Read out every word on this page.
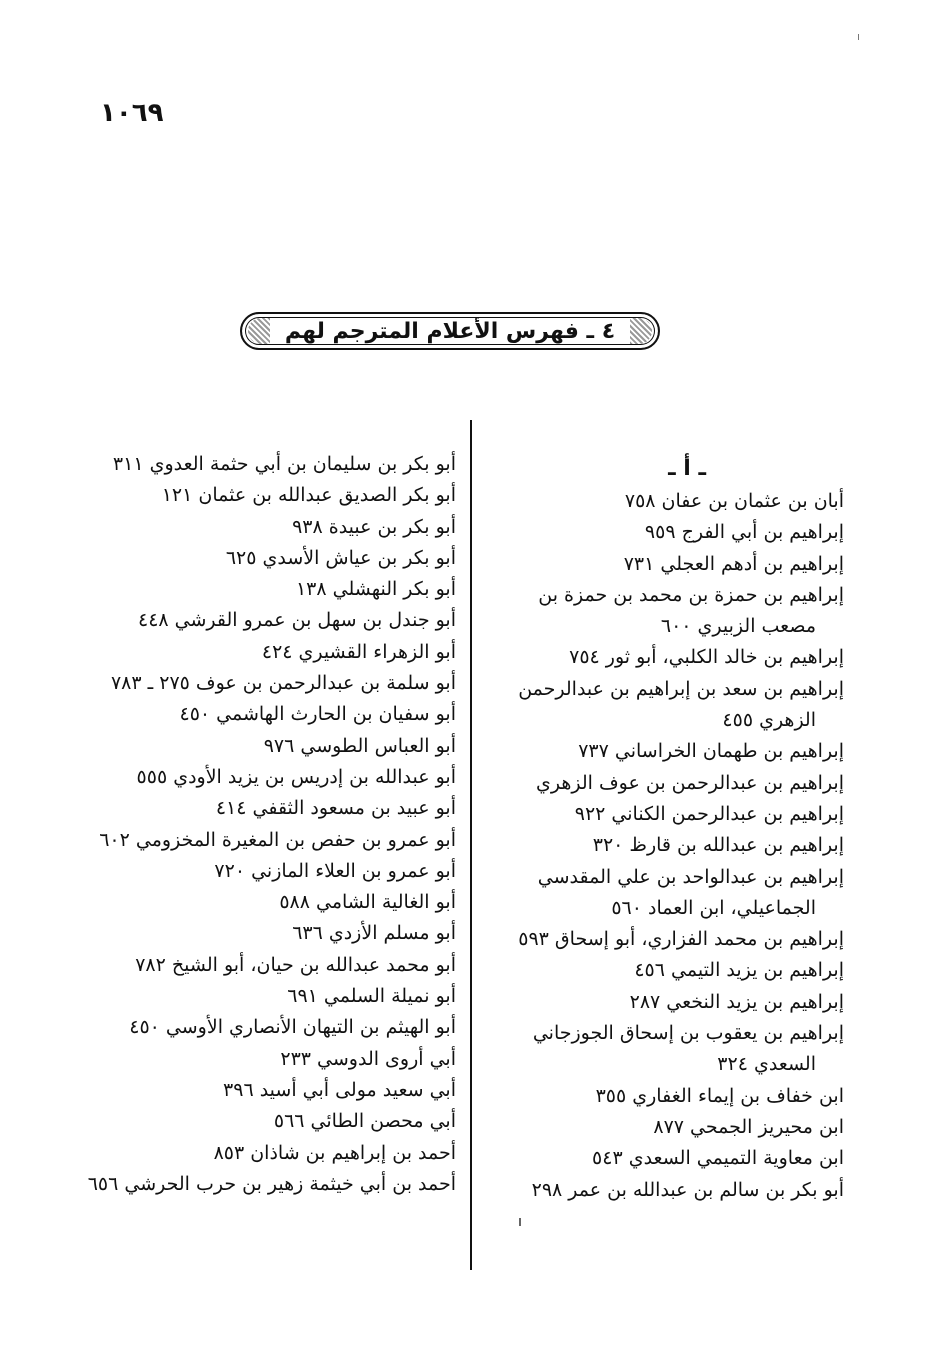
١٠٦٩
٤ ـ فهرس الأعلام المترجم لهم
ـ أ ـ
أبان بن عثمان بن عفان ٧٥٨
إبراهيم بن أبي الفرج ٩٥٩
إبراهيم بن أدهم العجلي ٧٣١
إبراهيم بن حمزة بن محمد بن حمزة بن مصعب الزبيري ٦٠٠
إبراهيم بن خالد الكلبي، أبو ثور ٧٥٤
إبراهيم بن سعد بن إبراهيم بن عبدالرحمن الزهري ٤٥٥
إبراهيم بن طهمان الخراساني ٧٣٧
إبراهيم بن عبدالرحمن بن عوف الزهري
إبراهيم بن عبدالرحمن الكناني ٩٢٢
إبراهيم بن عبدالله بن قارظ ٣٢٠
إبراهيم بن عبدالواحد بن علي المقدسي الجماعيلي، ابن العماد ٥٦٠
إبراهيم بن محمد الفزاري، أبو إسحاق ٥٩٣
إبراهيم بن يزيد التيمي ٤٥٦
إبراهيم بن يزيد النخعي ٢٨٧
إبراهيم بن يعقوب بن إسحاق الجوزجاني السعدي ٣٢٤
ابن خفاف بن إيماء الغفاري ٣٥٥
ابن محيريز الجمحي ٨٧٧
ابن معاوية التميمي السعدي ٥٤٣
أبو بكر بن سالم بن عبدالله بن عمر ٢٩٨
أبو بكر بن سليمان بن أبي حثمة العدوي ٣١١
أبو بكر الصديق عبدالله بن عثمان ١٢١
أبو بكر بن عبيدة ٩٣٨
أبو بكر بن عياش الأسدي ٦٢٥
أبو بكر النهشلي ١٣٨
أبو جندل بن سهل بن عمرو القرشي ٤٤٨
أبو الزهراء القشيري ٤٢٤
أبو سلمة بن عبدالرحمن بن عوف ٢٧٥ ـ ٧٨٣
أبو سفيان بن الحارث الهاشمي ٤٥٠
أبو العباس الطوسي ٩٧٦
أبو عبدالله بن إدريس بن يزيد الأودي ٥٥٥
أبو عبيد بن مسعود الثقفي ٤١٤
أبو عمرو بن حفص بن المغيرة المخزومي ٦٠٢
أبو عمرو بن العلاء المازني ٧٢٠
أبو الغالية الشامي ٥٨٨
أبو مسلم الأزدي ٦٣٦
أبو محمد عبدالله بن حيان، أبو الشيخ ٧٨٢
أبو نميلة السلمي ٦٩١
أبو الهيثم بن التيهان الأنصاري الأوسي ٤٥٠
أبي أروى الدوسي ٢٣٣
أبي سعيد مولى أبي أسيد ٣٩٦
أبي محصن الطائي ٥٦٦
أحمد بن إبراهيم بن شاذان ٨٥٣
أحمد بن أبي خيثمة زهير بن حرب الحرشي ٦٥٦
